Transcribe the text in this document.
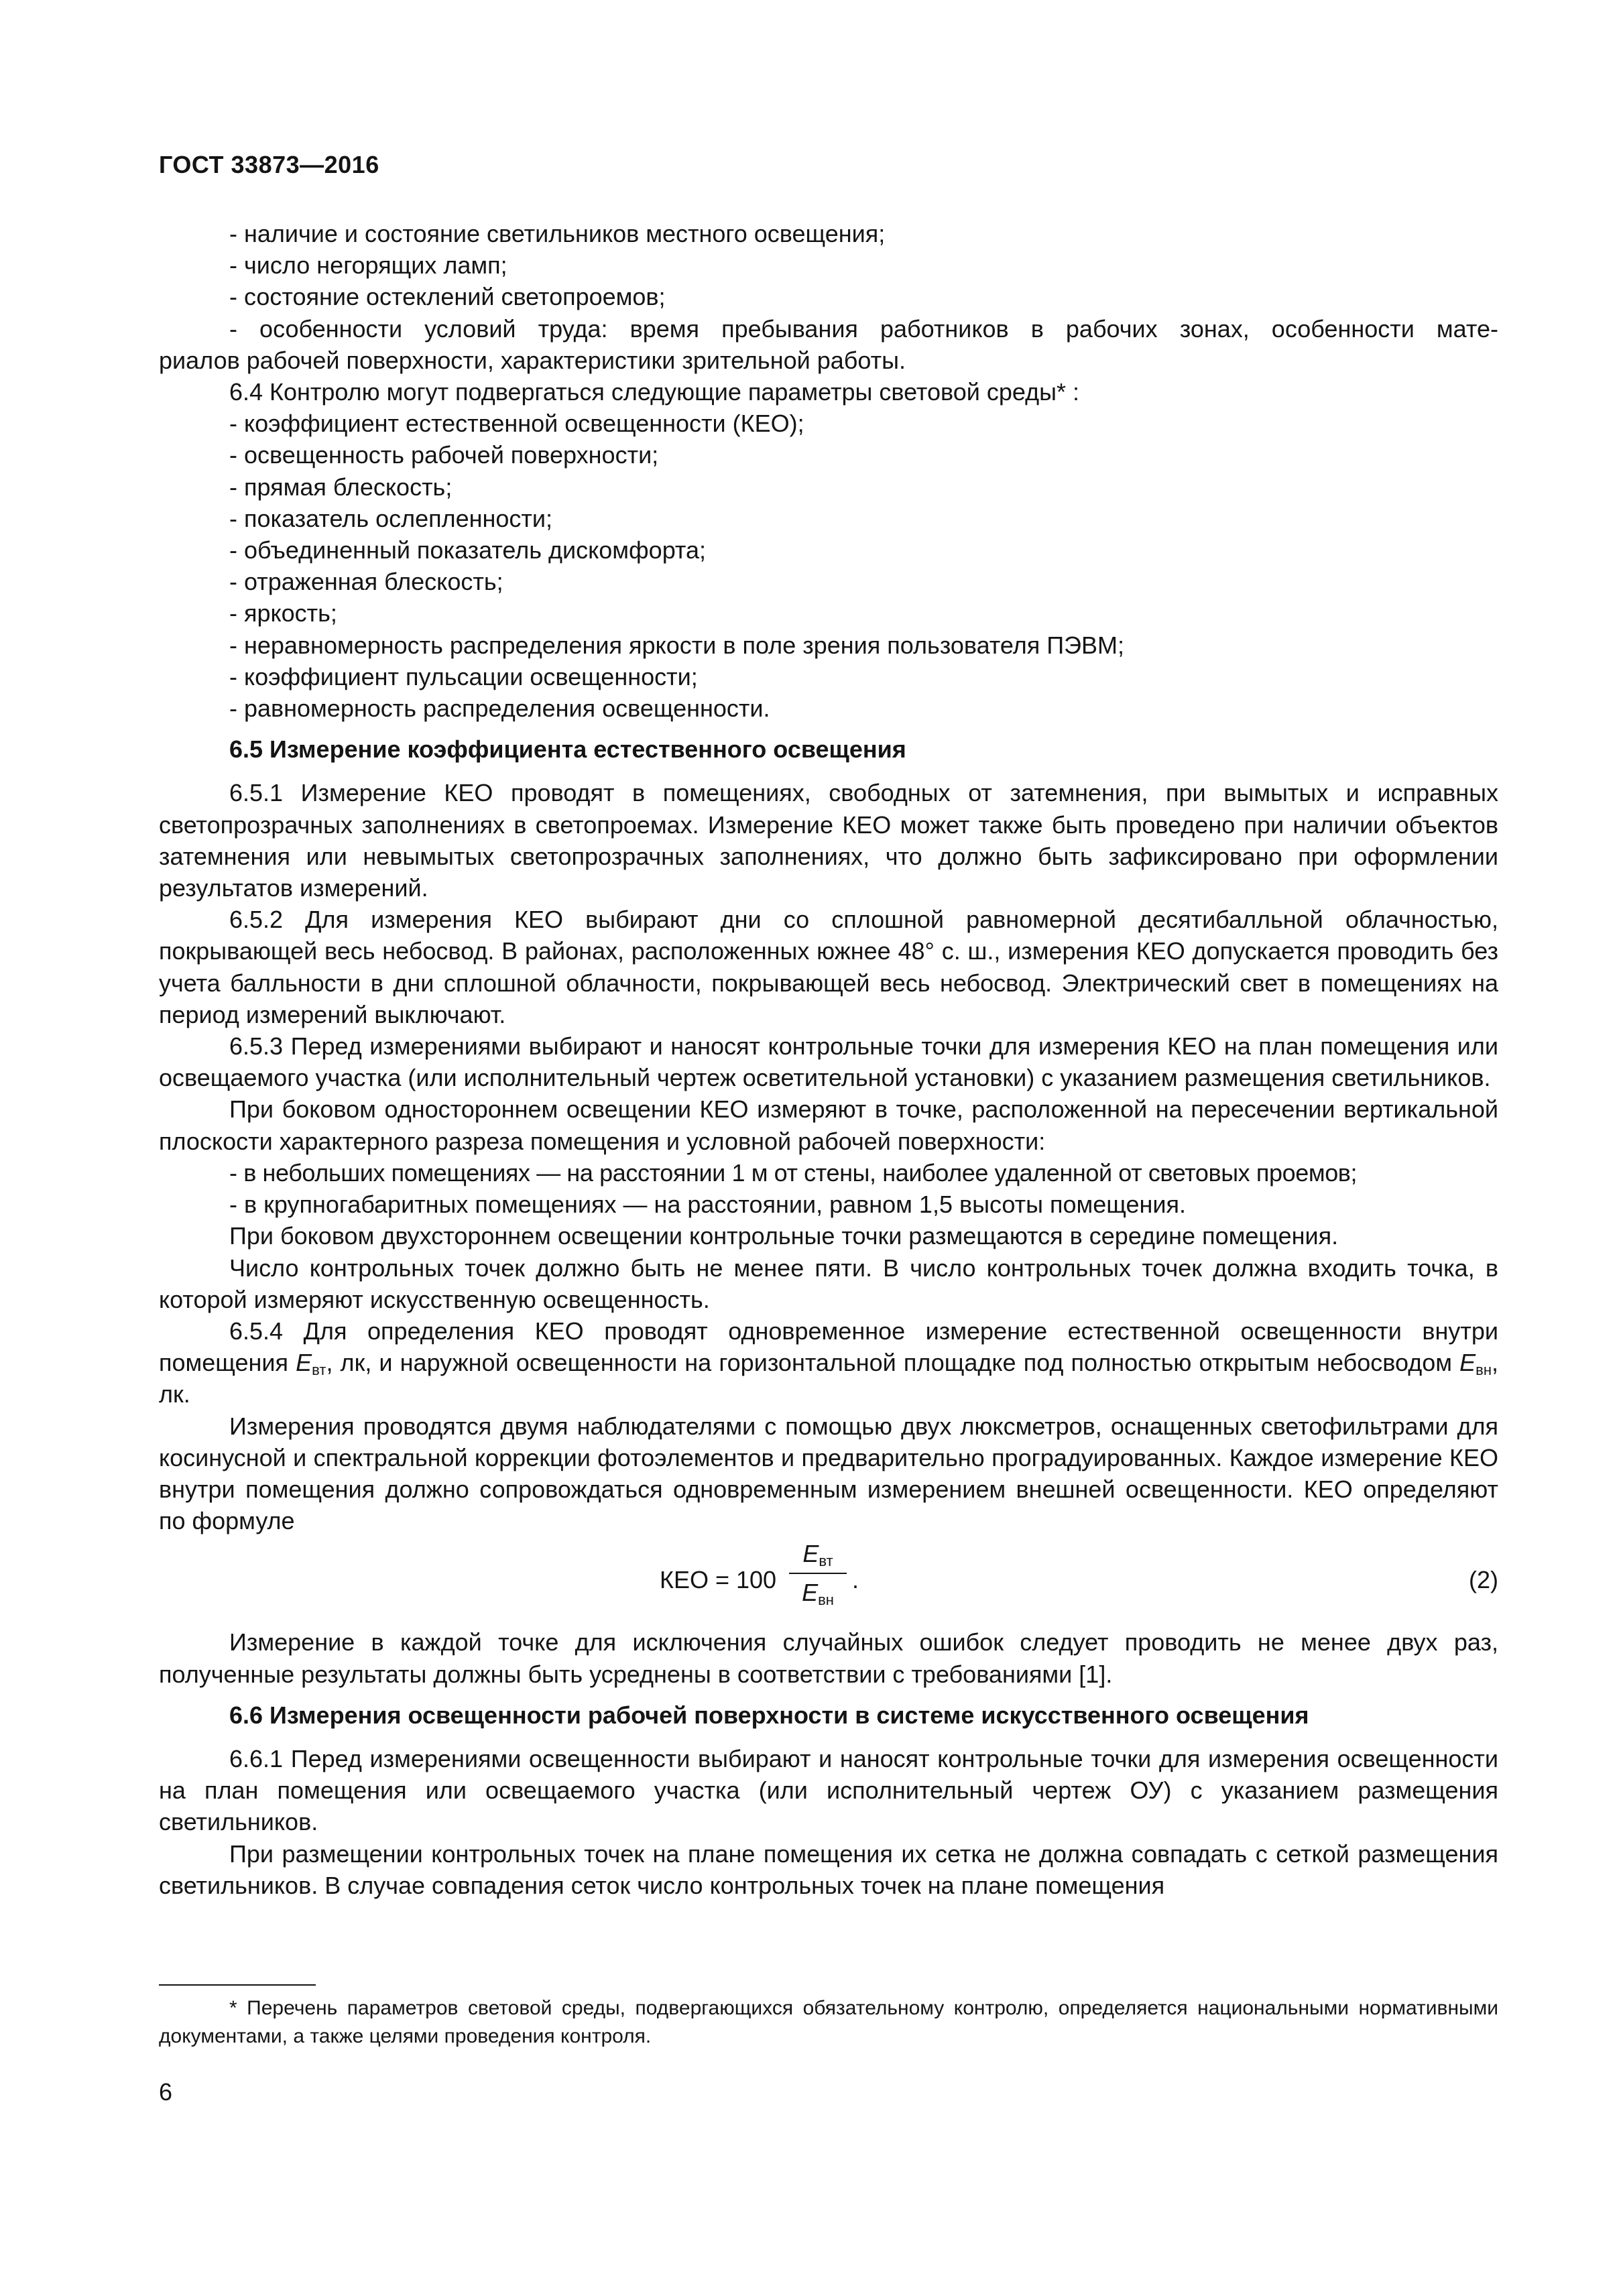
ГОСТ 33873—2016

- наличие и состояние светильников местного освещения;

- число негорящих ламп;

- состояние остеклений светопроемов;

- особенности условий труда: время пребывания работников в рабочих зонах, особенности мате-

риалов рабочей поверхности, характеристики зрительной работы.

6.4 Контролю могут подвергаться следующие параметры световой среды* :

- коэффициент естественной освещенности (КЕО);

- освещенность рабочей поверхности;

- прямая блескость;

- показатель ослепленности;

- объединенный показатель дискомфорта;

- отраженная блескость;

- яркость;

- неравномерность распределения яркости в поле зрения пользователя ПЭВМ;

- коэффициент пульсации освещенности;

- равномерность распределения освещенности.

6.5 Измерение коэффициента естественного освещения

6.5.1 Измерение КЕО проводят в помещениях, свободных от затемнения, при вымытых и исправных светопрозрачных заполнениях в светопроемах. Измерение КЕО может также быть проведено при наличии объектов затемнения или невымытых светопрозрачных заполнениях, что должно быть зафиксировано при оформлении результатов измерений.

6.5.2 Для измерения КЕО выбирают дни со сплошной равномерной десятибалльной облачностью, покрывающей весь небосвод. В районах, расположенных южнее 48° с. ш., измерения КЕО допускается проводить без учета балльности в дни сплошной облачности, покрывающей весь небосвод. Электрический свет в помещениях на период измерений выключают.

6.5.3 Перед измерениями выбирают и наносят контрольные точки для измерения КЕО на план помещения или освещаемого участка (или исполнительный чертеж осветительной установки) с указанием размещения светильников.

При боковом одностороннем освещении КЕО измеряют в точке, расположенной на пересечении вертикальной плоскости характерного разреза помещения и условной рабочей поверхности:

- в небольших помещениях — на расстоянии 1 м от стены, наиболее удаленной от световых проемов;

- в крупногабаритных помещениях — на расстоянии, равном 1,5 высоты помещения.

При боковом двухстороннем освещении контрольные точки размещаются в середине помещения.

Число контрольных точек должно быть не менее пяти. В число контрольных точек должна входить точка, в которой измеряют искусственную освещенность.

6.5.4 Для определения КЕО проводят одновременное измерение естественной освещенности внутри помещения $E_{вт}$, лк, и наружной освещенности на горизонтальной площадке под полностью открытым небосводом $E_{вн}$, лк.

Измерения проводятся двумя наблюдателями с помощью двух люксметров, оснащенных светофильтрами для косинусной и спектральной коррекции фотоэлементов и предварительно проградуированных. Каждое измерение КЕО внутри помещения должно сопровождаться одновременным измерением внешней освещенности. КЕО определяют по формуле

КЕО = 100
$E_{вт}$
$E_{вн}$
.	(2)

Измерение в каждой точке для исключения случайных ошибок следует проводить не менее двух раз, полученные результаты должны быть усреднены в соответствии с требованиями [1].

6.6 Измерения освещенности рабочей поверхности в системе искусственного освещения

6.6.1 Перед измерениями освещенности выбирают и наносят контрольные точки для измерения освещенности на план помещения или освещаемого участка (или исполнительный чертеж ОУ) с указанием размещения светильников.

При размещении контрольных точек на плане помещения их сетка не должна совпадать с сеткой размещения светильников. В случае совпадения сеток число контрольных точек на плане помещения

* Перечень параметров световой среды, подвергающихся обязательному контролю, определяется национальными нормативными документами, а также целями проведения контроля.
6
